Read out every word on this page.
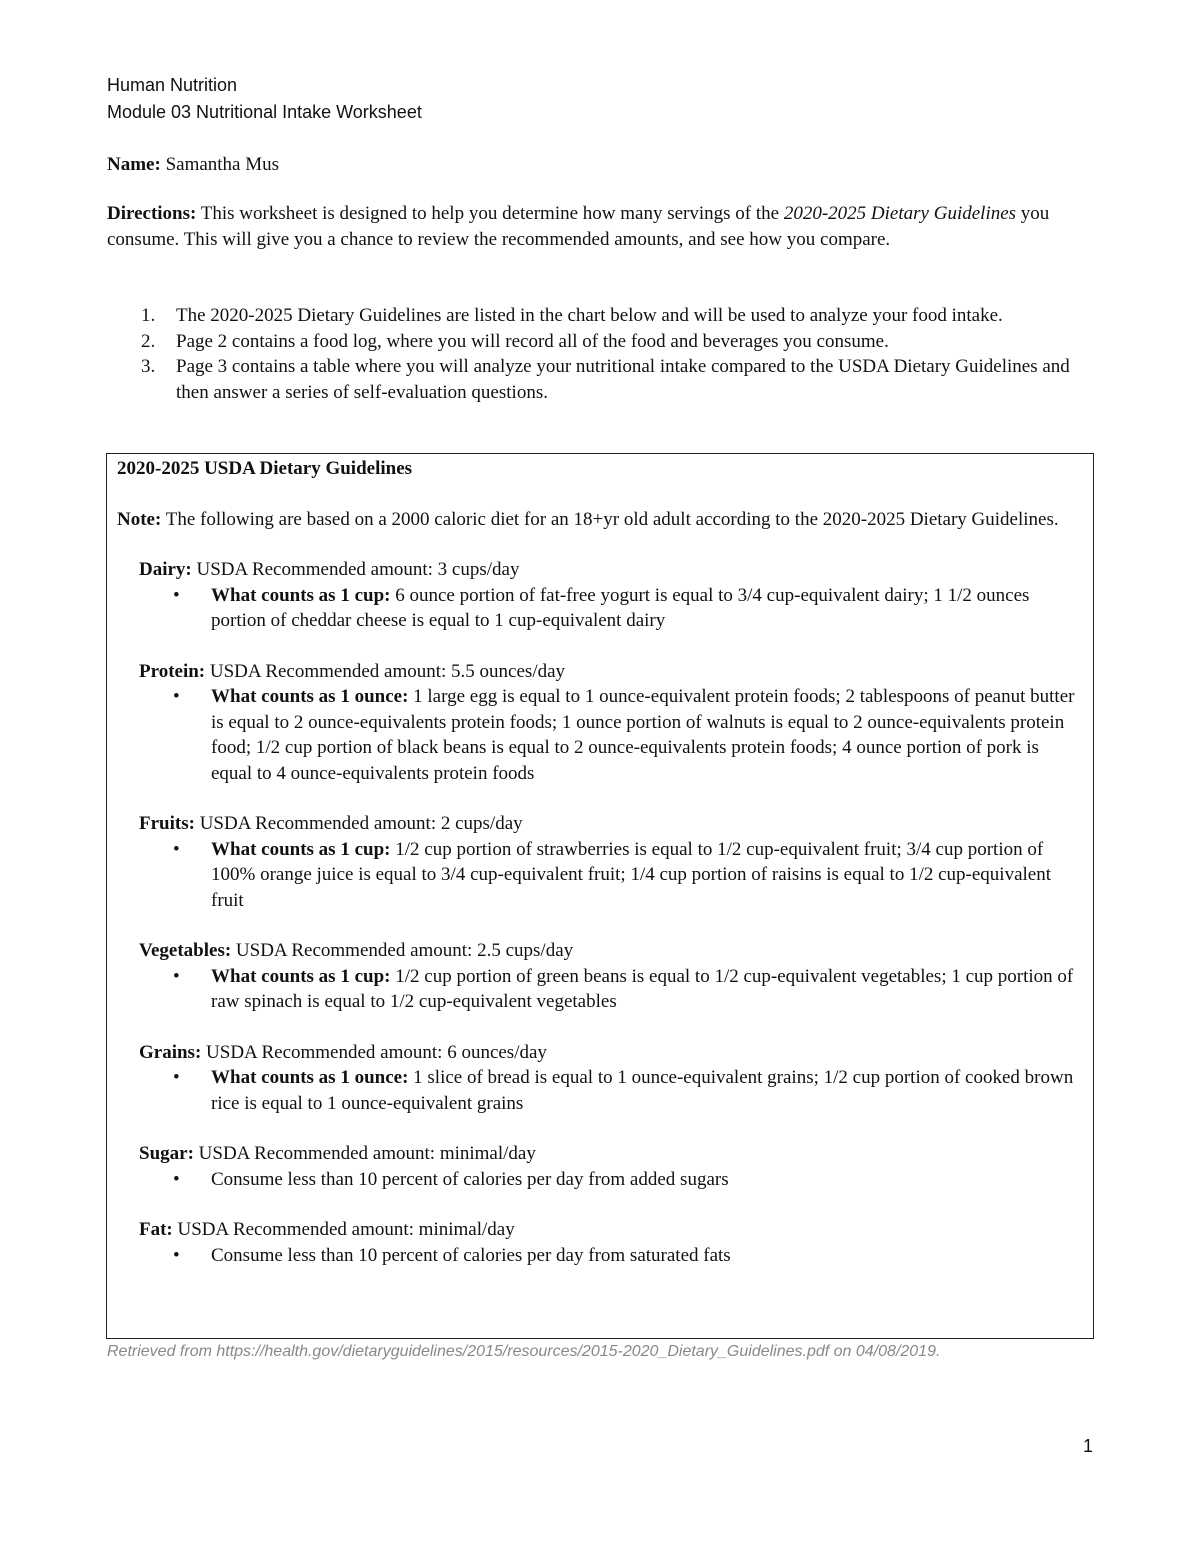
Human Nutrition
Module 03 Nutritional Intake Worksheet
Name: Samantha Mus
Directions: This worksheet is designed to help you determine how many servings of the 2020-2025 Dietary Guidelines you consume. This will give you a chance to review the recommended amounts, and see how you compare.
1. The 2020-2025 Dietary Guidelines are listed in the chart below and will be used to analyze your food intake.
2. Page 2 contains a food log, where you will record all of the food and beverages you consume.
3. Page 3 contains a table where you will analyze your nutritional intake compared to the USDA Dietary Guidelines and then answer a series of self-evaluation questions.
2020-2025 USDA Dietary Guidelines
Note: The following are based on a 2000 caloric diet for an 18+yr old adult according to the 2020-2025 Dietary Guidelines.
Dairy: USDA Recommended amount: 3 cups/day
• What counts as 1 cup: 6 ounce portion of fat-free yogurt is equal to 3/4 cup-equivalent dairy; 1 1/2 ounces portion of cheddar cheese is equal to 1 cup-equivalent dairy
Protein: USDA Recommended amount: 5.5 ounces/day
• What counts as 1 ounce: 1 large egg is equal to 1 ounce-equivalent protein foods; 2 tablespoons of peanut butter is equal to 2 ounce-equivalents protein foods; 1 ounce portion of walnuts is equal to 2 ounce-equivalents protein food; 1/2 cup portion of black beans is equal to 2 ounce-equivalents protein foods; 4 ounce portion of pork is equal to 4 ounce-equivalents protein foods
Fruits: USDA Recommended amount: 2 cups/day
• What counts as 1 cup: 1/2 cup portion of strawberries is equal to 1/2 cup-equivalent fruit; 3/4 cup portion of 100% orange juice is equal to 3/4 cup-equivalent fruit; 1/4 cup portion of raisins is equal to 1/2 cup-equivalent fruit
Vegetables: USDA Recommended amount: 2.5 cups/day
• What counts as 1 cup: 1/2 cup portion of green beans is equal to 1/2 cup-equivalent vegetables; 1 cup portion of raw spinach is equal to 1/2 cup-equivalent vegetables
Grains: USDA Recommended amount: 6 ounces/day
• What counts as 1 ounce: 1 slice of bread is equal to 1 ounce-equivalent grains; 1/2 cup portion of cooked brown rice is equal to 1 ounce-equivalent grains
Sugar: USDA Recommended amount: minimal/day
• Consume less than 10 percent of calories per day from added sugars
Fat: USDA Recommended amount: minimal/day
• Consume less than 10 percent of calories per day from saturated fats
Retrieved from https://health.gov/dietaryguidelines/2015/resources/2015-2020_Dietary_Guidelines.pdf on 04/08/2019.
1
